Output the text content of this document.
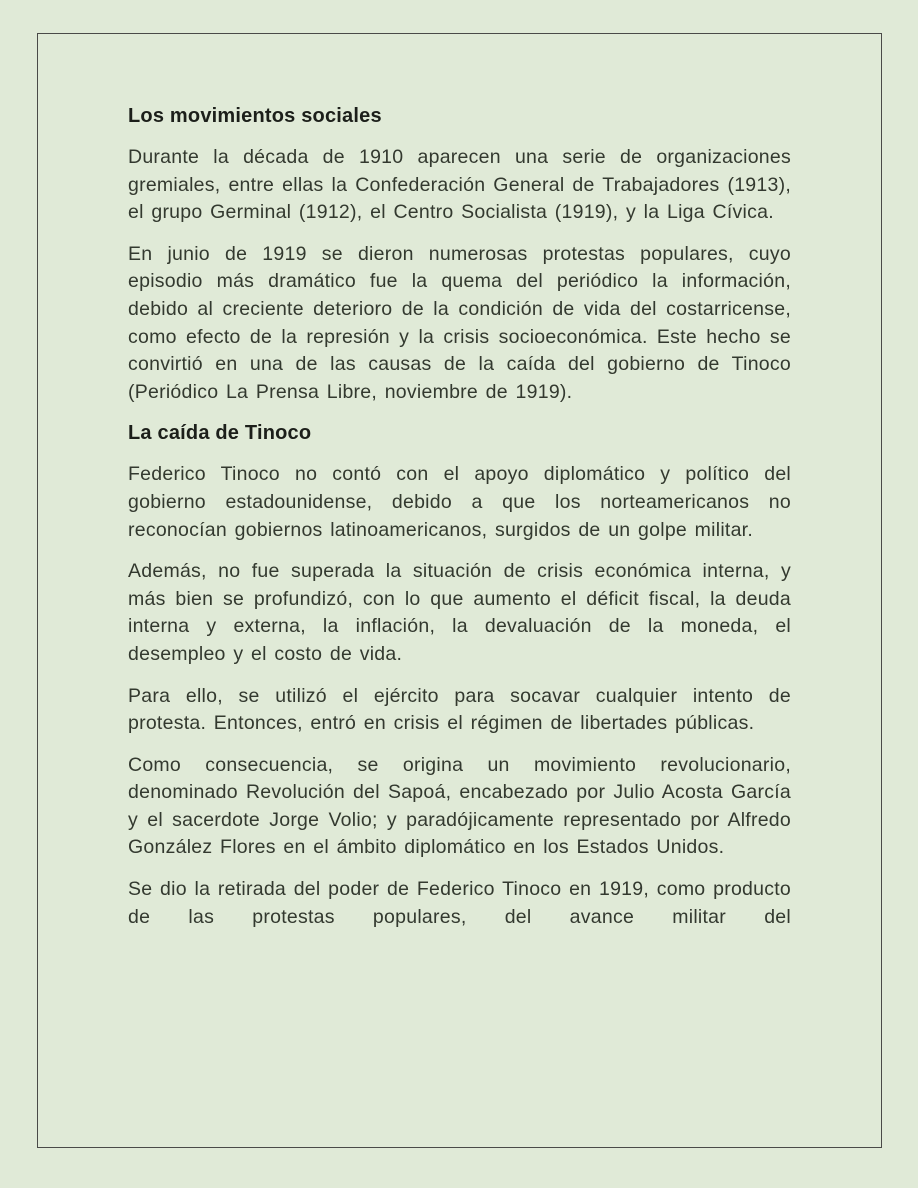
Los movimientos sociales

Durante la década de 1910 aparecen una serie de organizaciones gremiales, entre ellas la Confederación General de Trabajadores (1913), el grupo Germinal (1912), el Centro Socialista (1919), y la Liga Cívica.

En junio de 1919 se dieron numerosas protestas populares, cuyo episodio más dramático fue la quema del periódico la información, debido al creciente deterioro de la condición de vida del costarricense, como efecto de la represión y la crisis socioeconómica. Este hecho se convirtió en una de las causas de la caída del gobierno de Tinoco (Periódico La Prensa Libre, noviembre de 1919).

La caída de Tinoco

Federico Tinoco no contó con el apoyo diplomático y político del gobierno estadounidense, debido a que los norteamericanos no reconocían gobiernos latinoamericanos, surgidos de un golpe militar.

Además, no fue superada la situación de crisis económica interna, y más bien se profundizó, con lo que aumento el déficit fiscal, la deuda interna y externa, la inflación, la devaluación de la moneda, el desempleo y el costo de vida.

Para ello, se utilizó el ejército para socavar cualquier intento de protesta. Entonces, entró en crisis el régimen de libertades públicas.

Como consecuencia, se origina un movimiento revolucionario, denominado Revolución del Sapoá, encabezado por Julio Acosta García y el sacerdote Jorge Volio; y paradójicamente representado por Alfredo González Flores en el ámbito diplomático en los Estados Unidos.

Se dio la retirada del poder de Federico Tinoco en 1919, como producto de las protestas populares, del avance militar del
